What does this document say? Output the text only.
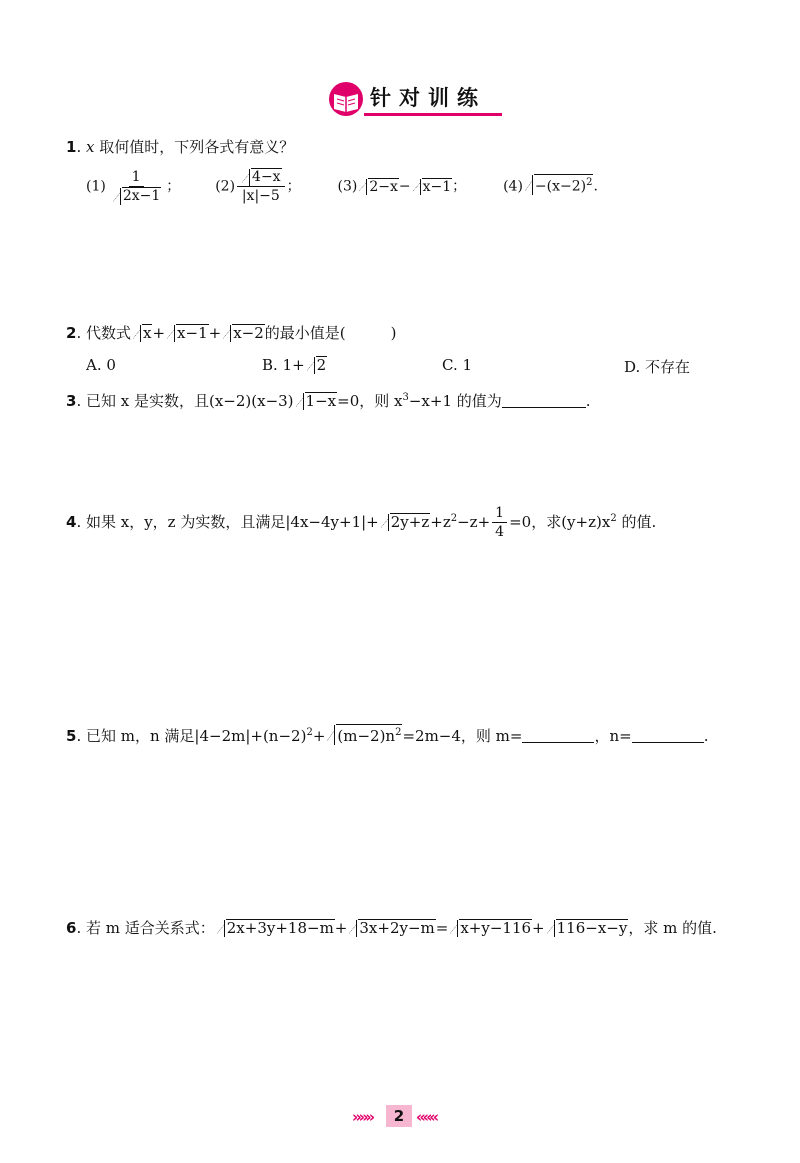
针对训练
1. x 取何值时，下列各式有意义？
$(1) \frac{1}{2x-1}$ ； $(2) \frac{4-x}{|x|-5}$ ；	(3) 2−x− x−1；	$(4) -(x-2)^2$.
2. 代数式 x+ x−1+ x−2的最小值是(　　　)
A. 0	B. 1+ 2	C. 1	D. 不存在
3. 已知 x 是实数，且(x−2)(x−3) 1−x=0，则 $x^3-x+1$ 的值为	.
4. 如果 x，y，z 为实数，且满足$|4x-4y+1|+ 2y+z+z^2-z+ \frac{1}{4} =0$，求$(y+z)x^2$ 的值.
5. 已知 m，n 满足$|4-2m|+(n-2)^2+ (m-2)n^2=2m-4$，则 m=	，n=	.
6. 若 m 适合关系式： 2x+3y+18−m+ 3x+2y−m= x+y−116+ 116−x−y，求 m 的值.
»»»	2 «««
